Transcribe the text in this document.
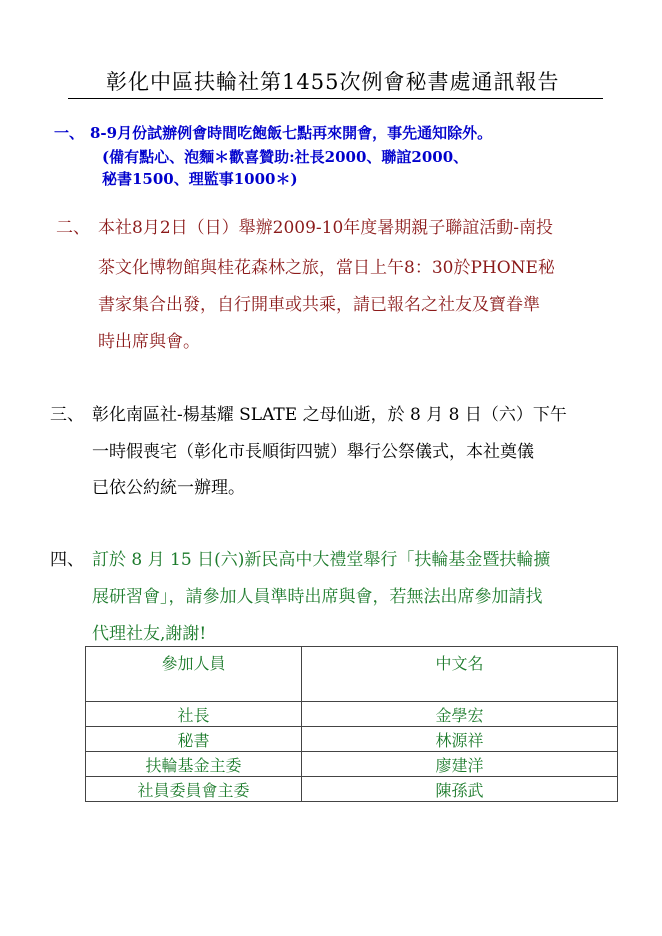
彰化中區扶輪社第1455次例會秘書處通訊報告
一、 8-9月份試辦例會時間吃飽飯七點再來開會，事先通知除外。
(備有點心、泡麵＊歡喜贊助:社長2000、聯誼2000、
秘書1500、理監事1000＊)
二、 本社8月2日（日）舉辦2009-10年度暑期親子聯誼活動-南投
茶文化博物館與桂花森林之旅，當日上午8：30於PHONE秘
書家集合出發，自行開車或共乘，請已報名之社友及寶眷準
時出席與會。
三、 彰化南區社-楊基耀 SLATE 之母仙逝，於 8 月 8 日（六）下午
一時假喪宅（彰化市長順街四號）舉行公祭儀式，本社奠儀
已依公約統一辦理。
四、 訂於 8 月 15 日(六)新民高中大禮堂舉行「扶輪基金暨扶輪擴
展研習會」，請參加人員準時出席與會，若無法出席參加請找
代理社友,謝謝!
參加人員	中文名
社長	金學宏
秘書	林源祥
扶輪基金主委	廖建洋
社員委員會主委	陳孫武
